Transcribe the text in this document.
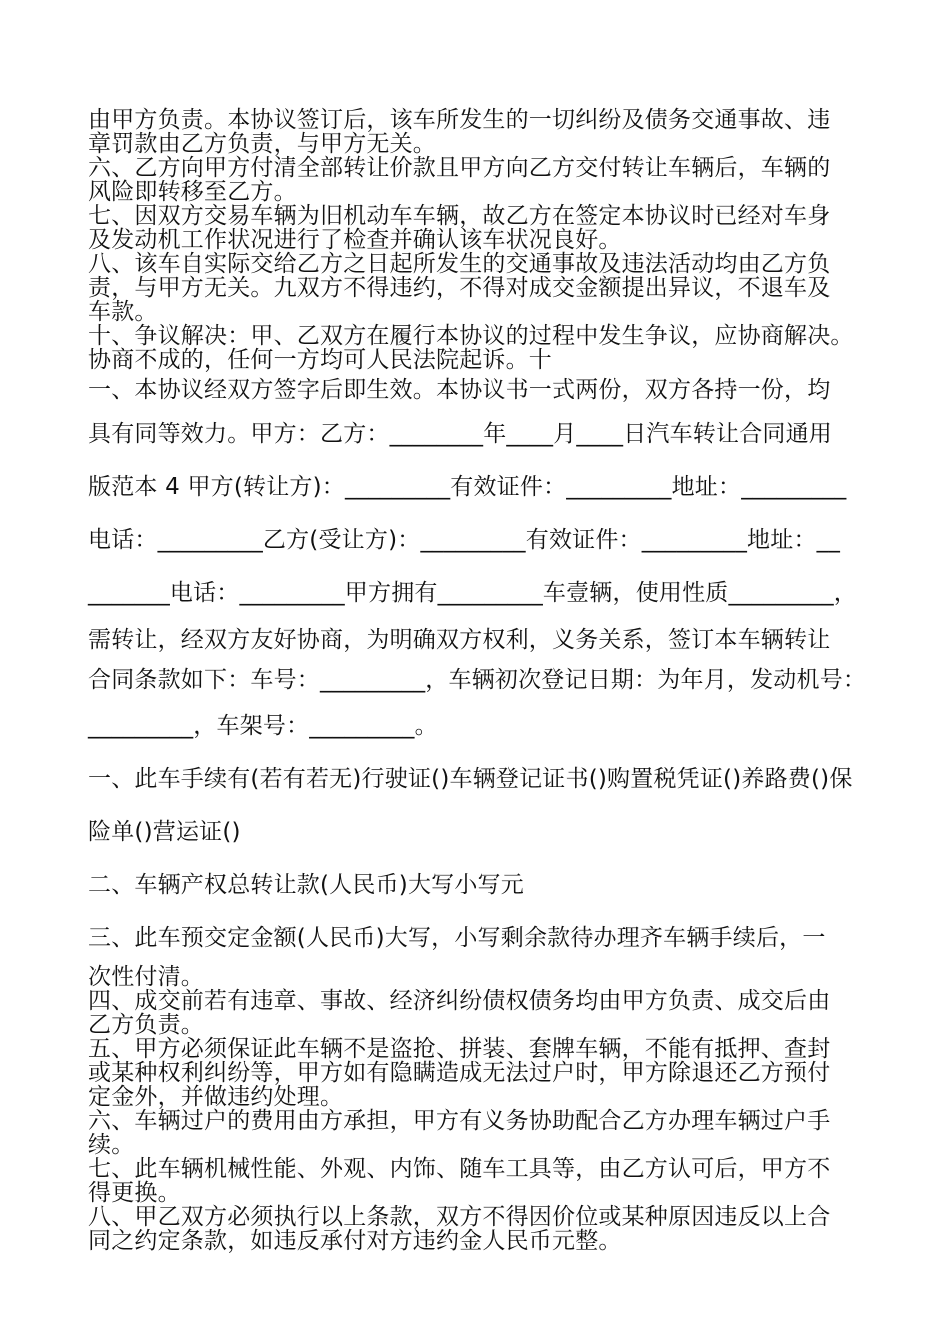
由甲方负责。本协议签订后，该车所发生的一切纠纷及债务交通事故、违

章罚款由乙方负责，与甲方无关。

六、乙方向甲方付清全部转让价款且甲方向乙方交付转让车辆后，车辆的

风险即转移至乙方。

七、因双方交易车辆为旧机动车车辆，故乙方在签定本协议时已经对车身

及发动机工作状况进行了检查并确认该车状况良好。

八、该车自实际交给乙方之日起所发生的交通事故及违法活动均由乙方负

责，与甲方无关。九双方不得违约，不得对成交金额提出异议，不退车及

车款。

十、争议解决：甲、乙双方在履行本协议的过程中发生争议，应协商解决。

协商不成的，任何一方均可人民法院起诉。十

一、本协议经双方签字后即生效。本协议书一式两份，双方各持一份，均

具有同等效力。甲方：乙方：________年____月____日汽车转让合同通用

版范本 4 甲方(转让方)：_________有效证件：_________地址：_________

电话：_________乙方(受让方)：_________有效证件：_________地址：__

_______电话：_________甲方拥有_________车壹辆，使用性质_________，

需转让，经双方友好协商，为明确双方权利，义务关系，签订本车辆转让

合同条款如下：车号：_________，车辆初次登记日期：为年月，发动机号：

_________，车架号：_________。

一、此车手续有(若有若无)行驶证()车辆登记证书()购置税凭证()养路费()保

险单()营运证()

二、车辆产权总转让款(人民币)大写小写元

三、此车预交定金额(人民币)大写，小写剩余款待办理齐车辆手续后，一

次性付清。

四、成交前若有违章、事故、经济纠纷债权债务均由甲方负责、成交后由

乙方负责。

五、甲方必须保证此车辆不是盗抢、拼装、套牌车辆，不能有抵押、查封

或某种权利纠纷等，甲方如有隐瞒造成无法过户时，甲方除退还乙方预付

定金外，并做违约处理。

六、车辆过户的费用由方承担，甲方有义务协助配合乙方办理车辆过户手

续。

七、此车辆机械性能、外观、内饰、随车工具等，由乙方认可后，甲方不

得更换。

八、甲乙双方必须执行以上条款，双方不得因价位或某种原因违反以上合

同之约定条款，如违反承付对方违约金人民币元整。
